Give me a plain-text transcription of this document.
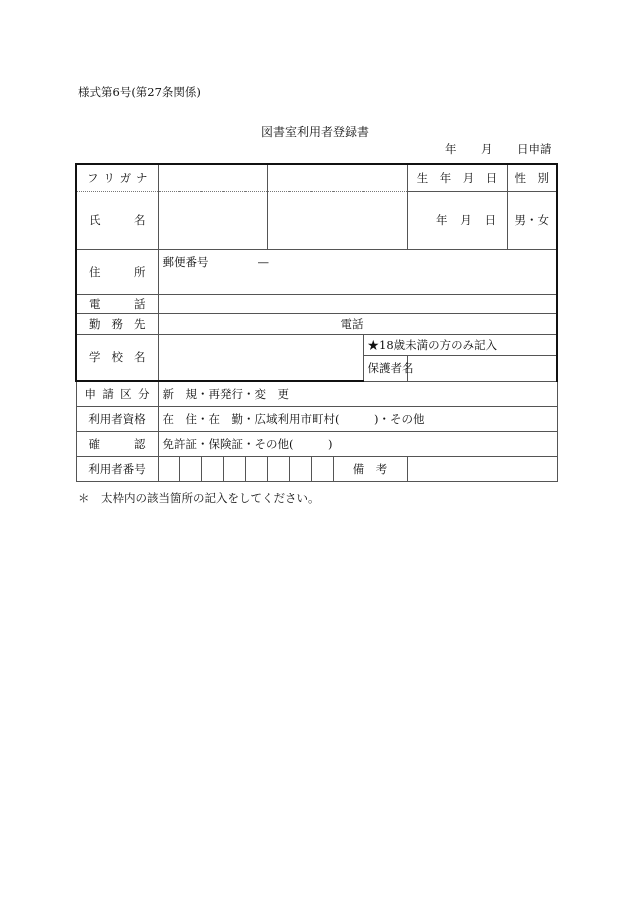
様式第6号(第27条関係)
図書室利用者登録書
年 月 日申請
フ リ ガ ナ											生　年　月　日	性　別

氏 名											年 月 日	男・女

住 所	郵便番号 —											

電 話												

勤 務 先	電話											

学 校 名										★18歳未満の方のみ記入		
										保護者名		

申 請 区 分	新　規・再発行・変　更											
利用者資格	在　住・在　勤・広域利用市町村(　　　)・その他											

確 認	免許証・保険証・その他(　　　)											
利用者番号									備　考			
＊　太枠内の該当箇所の記入をしてください。
